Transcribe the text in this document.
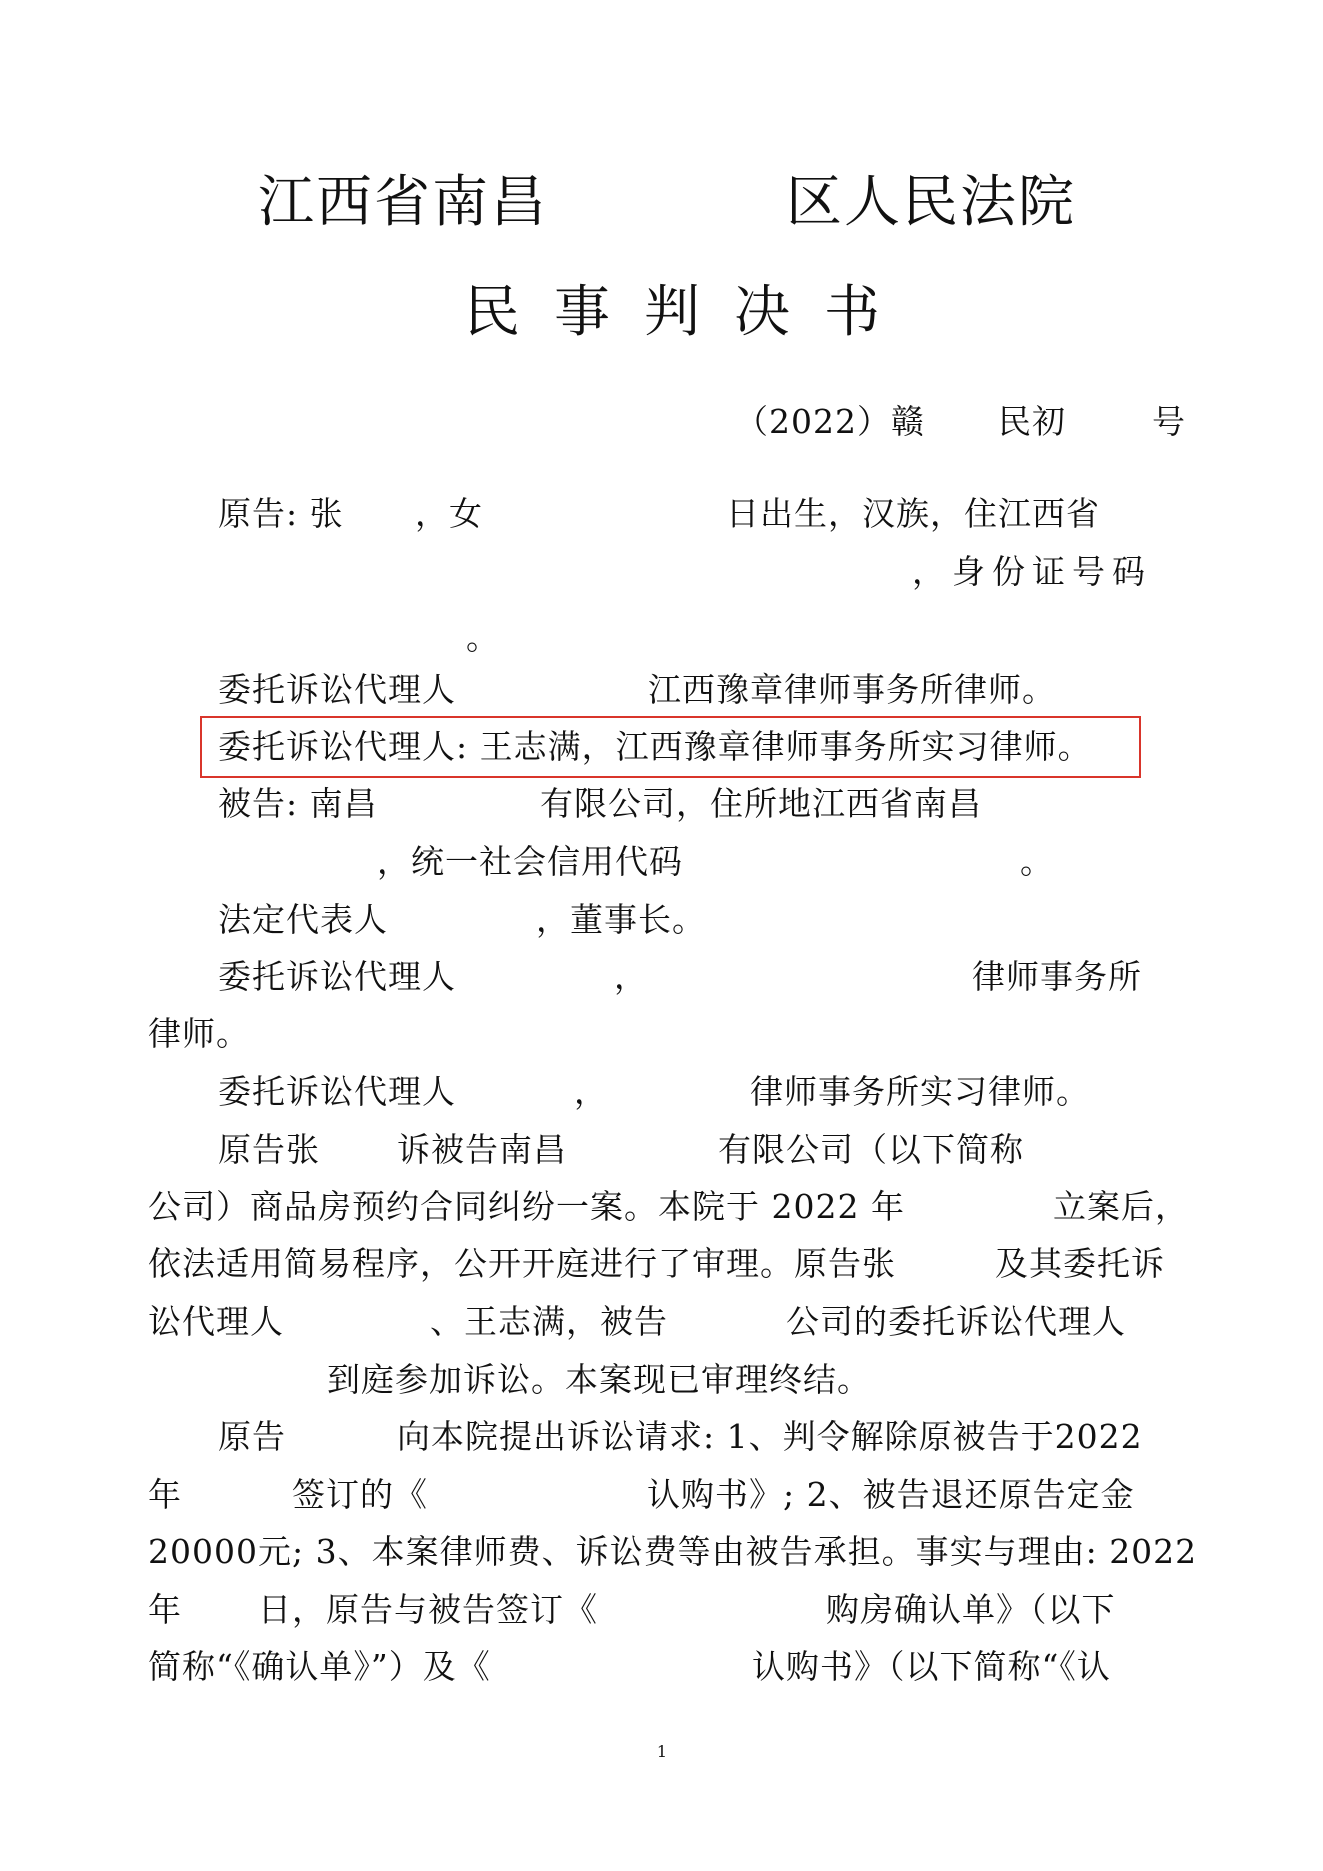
江西省南昌	区人民法院
民事判决书
（2022）赣 民初	号
原告: 张 ，女	日出生，汉族，住江西省
，身份证号码
。
委托诉讼代理人	江西豫章律师事务所律师。
委托诉讼代理人: 王志满，江西豫章律师事务所实习律师。
被告: 南昌	有限公司，住所地江西省南昌
，统一社会信用代码	。
法定代表人	，董事长。
委托诉讼代理人	，	律师事务所
律师。
委托诉讼代理人	，	律师事务所实习律师。
原告张 诉被告南昌	有限公司（以下简称
公司）商品房预约合同纠纷一案。本院于 2022 年	立案后，
依法适用简易程序，公开开庭进行了审理。原告张	及其委托诉
讼代理人	、王志满，被告	公司的委托诉讼代理人
到庭参加诉讼。本案现已审理终结。
原告	向本院提出诉讼请求: 1、判令解除原被告于2022
年	签订的《	认购书》; 2、被告退还原告定金
20000元; 3、本案律师费、诉讼费等由被告承担。事实与理由: 2022
年 日，原告与被告签订《	购房确认单》（以下
简称“《确认单》”）及《	认购书》（以下简称“《认
1
